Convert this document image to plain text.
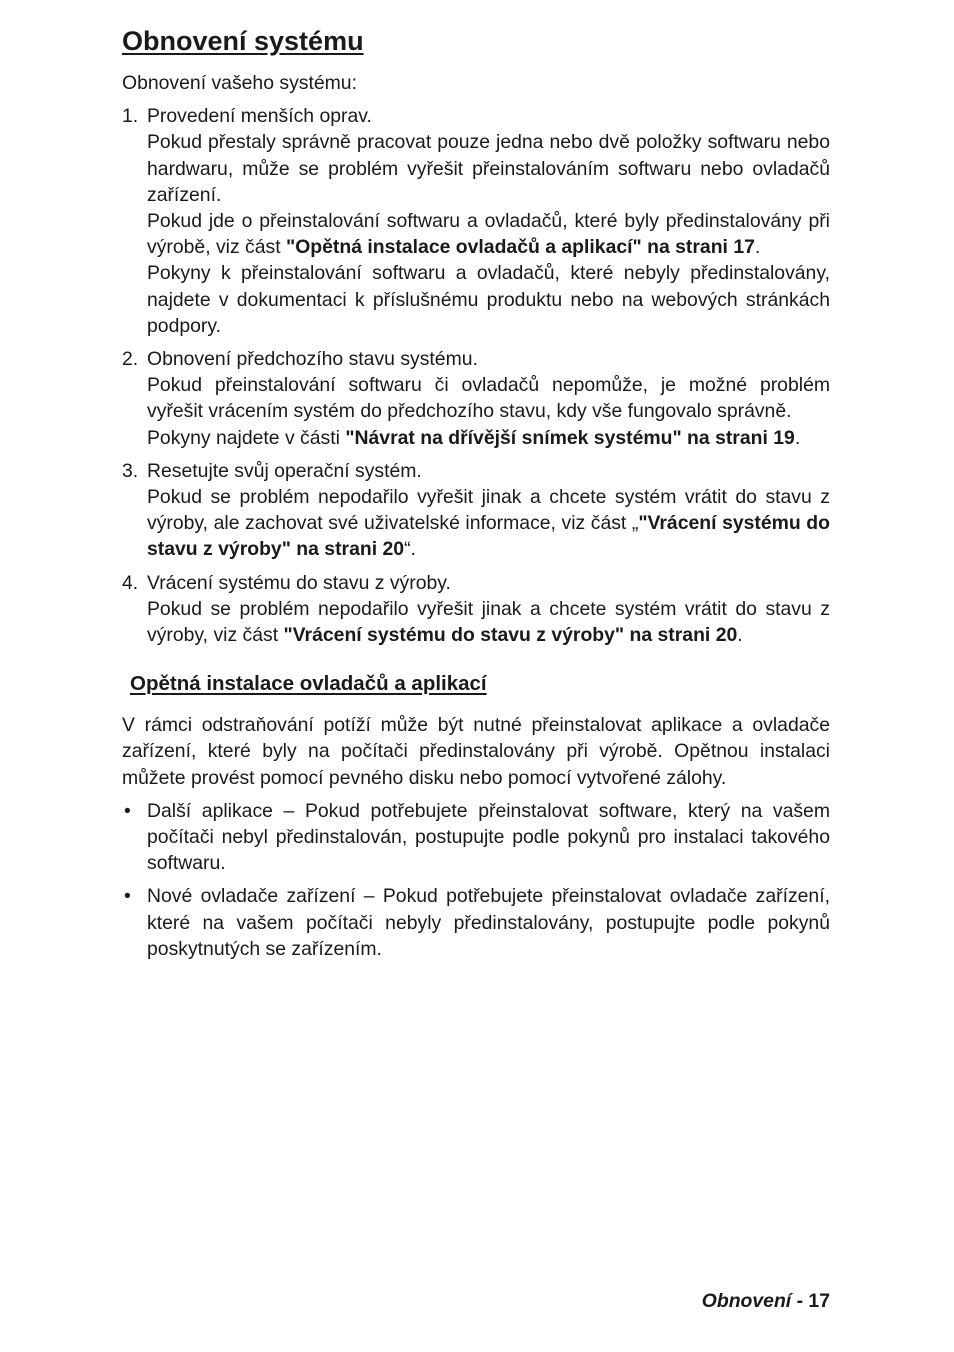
Obnovení systému

Obnovení vašeho systému:

1. Provedení menších oprav.
Pokud přestaly správně pracovat pouze jedna nebo dvě položky softwaru nebo hardwaru, může se problém vyřešit přeinstalováním softwaru nebo ovladačů zařízení.
Pokud jde o přeinstalování softwaru a ovladačů, které byly předinstalovány při výrobě, viz část "Opětná instalace ovladačů a aplikací" na strani 17.
Pokyny k přeinstalování softwaru a ovladačů, které nebyly předinstalovány, najdete v dokumentaci k příslušnému produktu nebo na webových stránkách podpory.
2. Obnovení předchozího stavu systému.
Pokud přeinstalování softwaru či ovladačů nepomůže, je možné problém vyřešit vrácením systém do předchozího stavu, kdy vše fungovalo správně.
Pokyny najdete v části "Návrat na dřívější snímek systému" na strani 19.
3. Resetujte svůj operační systém.
Pokud se problém nepodařilo vyřešit jinak a chcete systém vrátit do stavu z výroby, ale zachovat své uživatelské informace, viz část „"Vrácení systému do stavu z výroby" na strani 20“.
4. Vrácení systému do stavu z výroby.
Pokud se problém nepodařilo vyřešit jinak a chcete systém vrátit do stavu z výroby, viz část "Vrácení systému do stavu z výroby" na strani 20.
Opětná instalace ovladačů a aplikací

V rámci odstraňování potíží může být nutné přeinstalovat aplikace a ovladače zařízení, které byly na počítači předinstalovány při výrobě. Opětnou instalaci můžete provést pomocí pevného disku nebo pomocí vytvořené zálohy.

• Další aplikace – Pokud potřebujete přeinstalovat software, který na vašem počítači nebyl předinstalován, postupujte podle pokynů pro instalaci takového softwaru.
• Nové ovladače zařízení – Pokud potřebujete přeinstalovat ovladače zařízení, které na vašem počítači nebyly předinstalovány, postupujte podle pokynů poskytnutých se zařízením.
Obnovení - 17
